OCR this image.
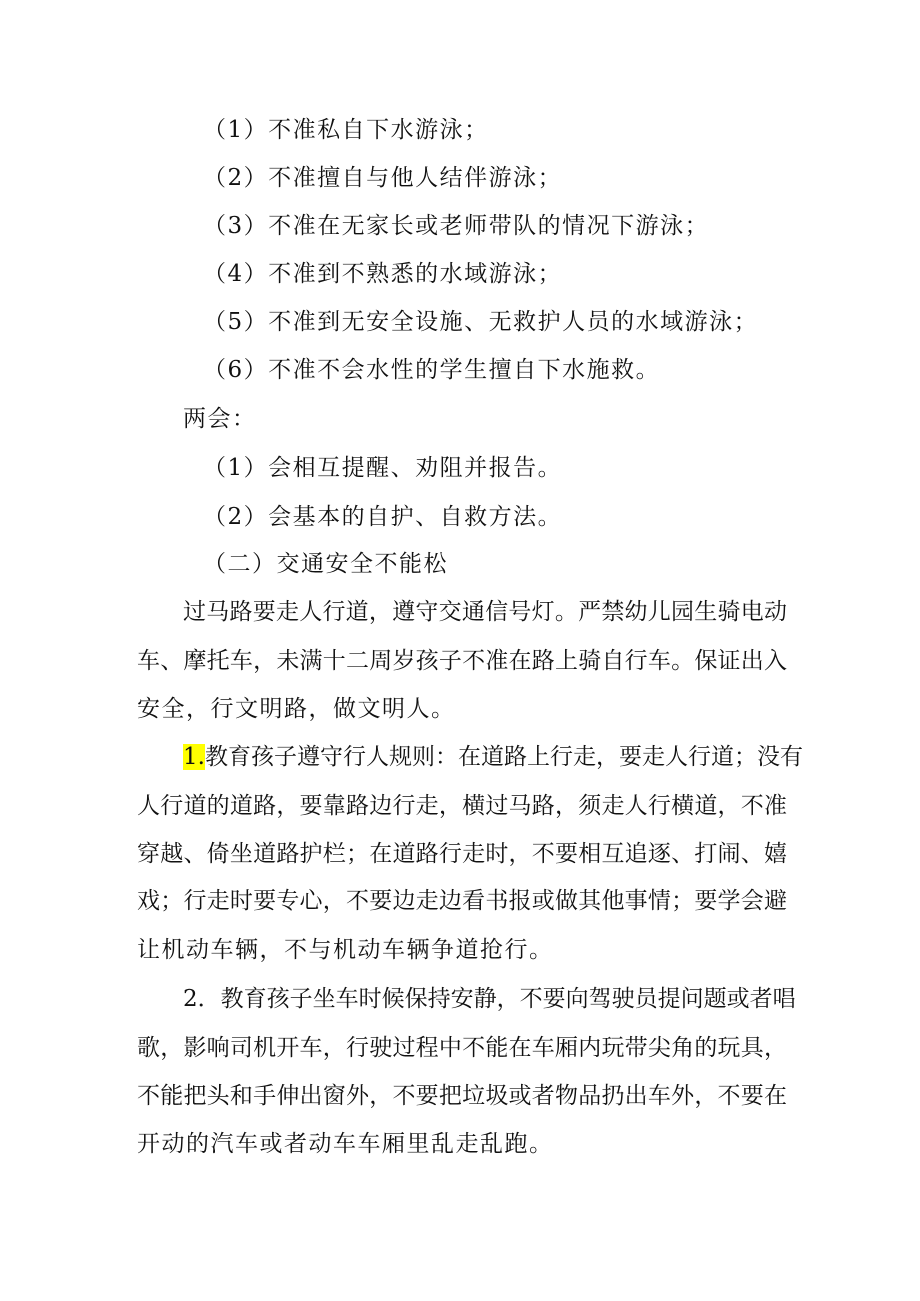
（1）不准私自下水游泳；
（2）不准擅自与他人结伴游泳；
（3）不准在无家长或老师带队的情况下游泳；
（4）不准到不熟悉的水域游泳；
（5）不准到无安全设施、无救护人员的水域游泳；
（6）不准不会水性的学生擅自下水施救。
两会：
（1）会相互提醒、劝阻并报告。
（2）会基本的自护、自救方法。
（二）交通安全不能松
过马路要走人行道，遵守交通信号灯。严禁幼儿园生骑电动
车、摩托车，未满十二周岁孩子不准在路上骑自行车。保证出入
安全，行文明路，做文明人。
1.教育孩子遵守行人规则：在道路上行走，要走人行道；没有
人行道的道路，要靠路边行走，横过马路，须走人行横道，不准
穿越、倚坐道路护栏；在道路行走时，不要相互追逐、打闹、嬉
戏；行走时要专心，不要边走边看书报或做其他事情；要学会避
让机动车辆，不与机动车辆争道抢行。
2．教育孩子坐车时候保持安静，不要向驾驶员提问题或者唱
歌，影响司机开车，行驶过程中不能在车厢内玩带尖角的玩具，
不能把头和手伸出窗外，不要把垃圾或者物品扔出车外，不要在
开动的汽车或者动车车厢里乱走乱跑。
